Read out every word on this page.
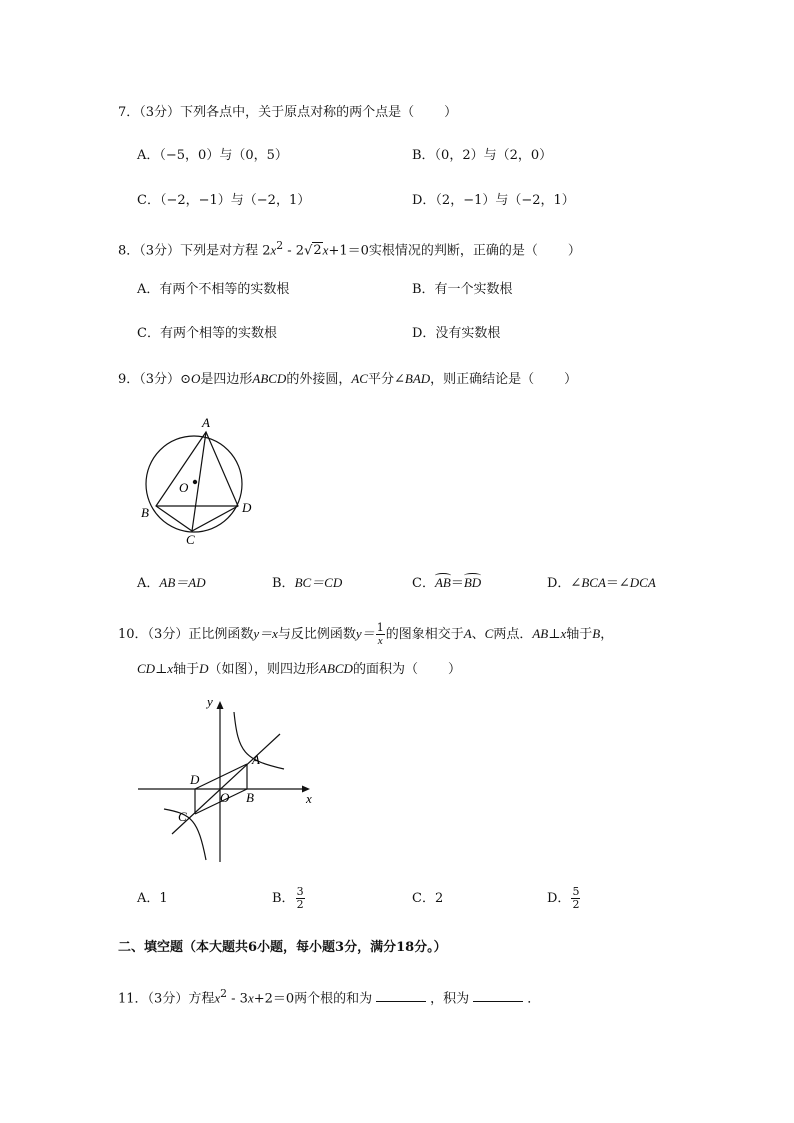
7．（3分）下列各点中，关于原点对称的两个点是（ ）
A．（−5，0）与（0，5）	B．（0，2）与（2，0）
C．（−2，−1）与（−2，1）	D．（2，−1）与（−2，1）
8．（3分）下列是对方程 $2x^2 - 2√2x+1=0$实根情况的判断，正确的是（ ）
A．有两个不相等的实数根	B．有一个实数根
C．有两个相等的实数根	D．没有实数根
9．（3分）⊙O是四边形ABCD的外接圆，AC平分∠BAD，则正确结论是（ ）
A
B
C
D
O
A．AB＝AD	B．BC＝CD	C．AB＝BD	D．∠BCA＝∠DCA
10．（3分）正比例函数y＝x与反比例函数$y= \frac{1}{x}$ 的图象相交于A、C两点．AB⊥x轴于B，
CD⊥x轴于D（如图），则四边形ABCD的面积为（ ）
y
x
A
B
C
D
O
A．1	B． $\frac{3}{2}$	C．2	D． $\frac{5}{2}$
二、填空题（本大题共6小题，每小题3分，满分18分。）
11．（3分）方程$x^2 - 3x+2=0$两个根的和为	，积为	．
